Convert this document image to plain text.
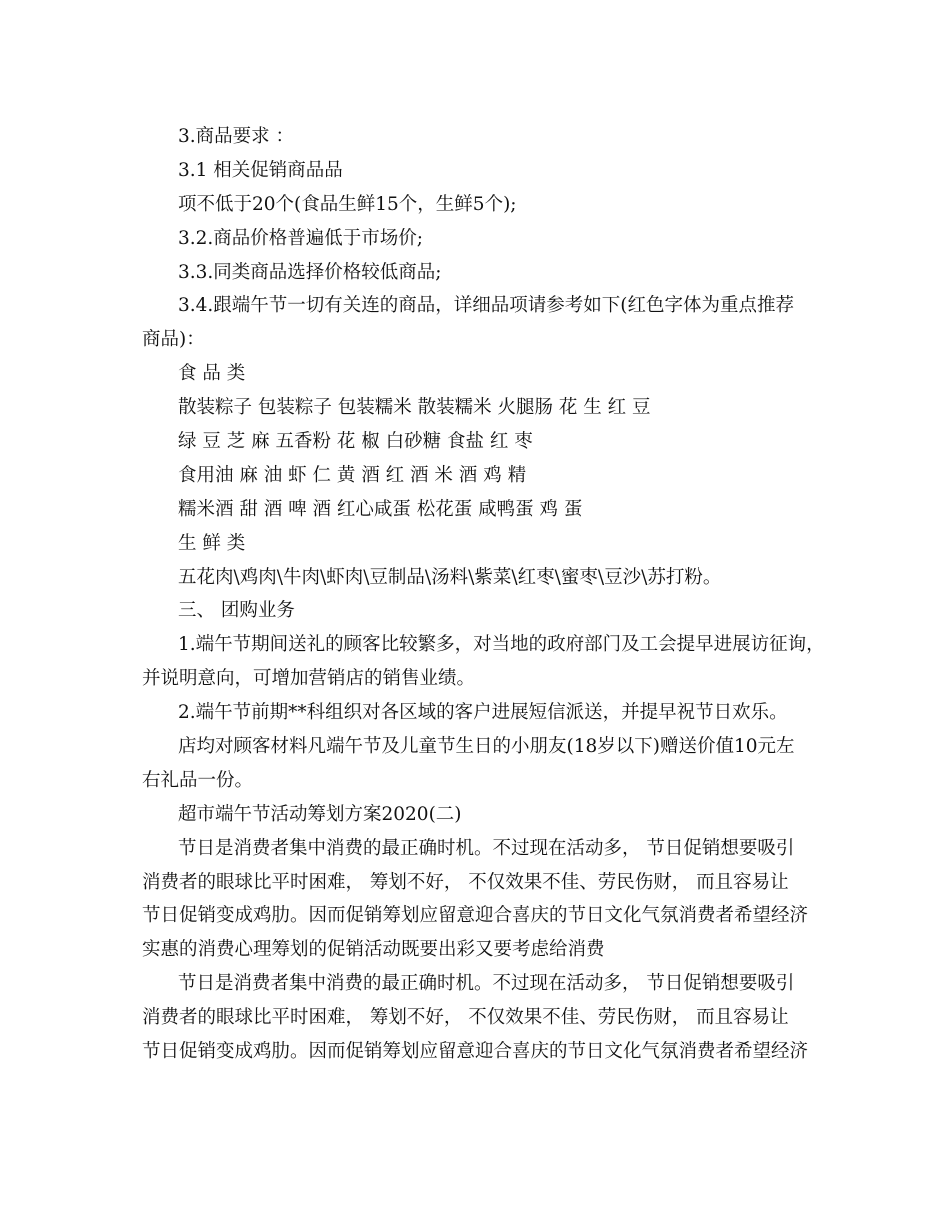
3.商品要求 ：
3.1 相关促销商品品
项不低于20个(食品生鲜15个，生鲜5个);
3.2.商品价格普遍低于市场价;
3.3.同类商品选择价格较低商品;
3.4.跟端午节一切有关连的商品，详细品项请参考如下(红色字体为重点推荐
商品)：
食 品 类
散装粽子 包装粽子 包装糯米 散装糯米 火腿肠 花 生 红 豆
绿 豆 芝 麻 五香粉 花 椒 白砂糖 食盐 红 枣
食用油 麻 油 虾 仁 黄 酒 红 酒 米 酒 鸡 精
糯米酒 甜 酒 啤 酒 红心咸蛋 松花蛋 咸鸭蛋 鸡 蛋
生 鲜 类
五花肉\鸡肉\牛肉\虾肉\豆制品\汤料\紫菜\红枣\蜜枣\豆沙\苏打粉。
三、 团购业务
1.端午节期间送礼的顾客比较繁多，对当地的政府部门及工会提早进展访征询，
并说明意向，可增加营销店的销售业绩。
2.端午节前期**科组织对各区域的客户进展短信派送，并提早祝节日欢乐。
店均对顾客材料凡端午节及儿童节生日的小朋友(18岁以下)赠送价值10元左
右礼品一份。
超市端午节活动筹划方案2020(二)
节日是消费者集中消费的最正确时机。不过现在活动多， 节日促销想要吸引
消费者的眼球比平时困难， 筹划不好， 不仅效果不佳、劳民伤财， 而且容易让
节日促销变成鸡肋。因而促销筹划应留意迎合喜庆的节日文化气氛消费者希望经济
实惠的消费心理筹划的促销活动既要出彩又要考虑给消费
节日是消费者集中消费的最正确时机。不过现在活动多， 节日促销想要吸引
消费者的眼球比平时困难， 筹划不好， 不仅效果不佳、劳民伤财， 而且容易让
节日促销变成鸡肋。因而促销筹划应留意迎合喜庆的节日文化气氛消费者希望经济
